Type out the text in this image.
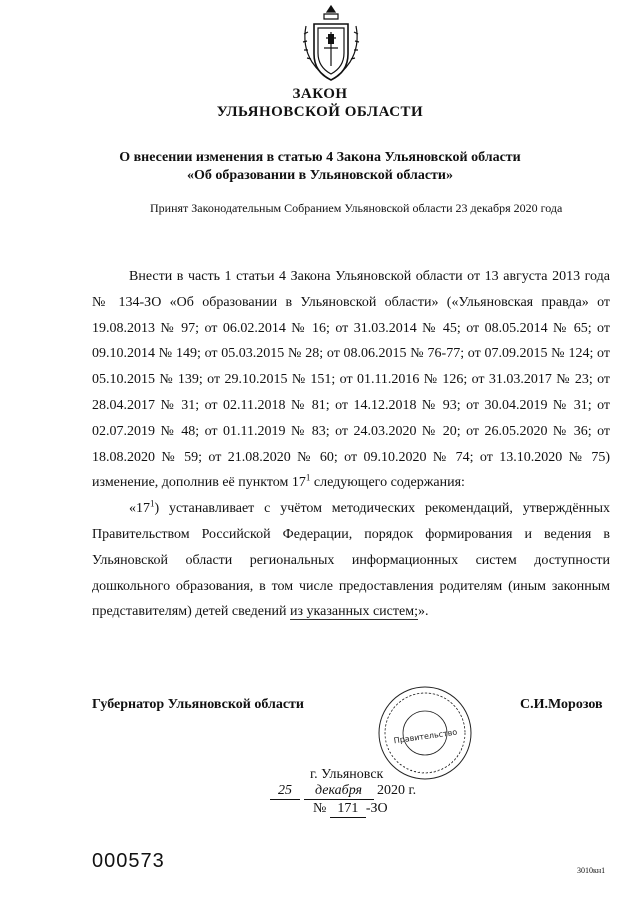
ЗАКОН
УЛЬЯНОВСКОЙ ОБЛАСТИ
О внесении изменения в статью 4 Закона Ульяновской области
«Об образовании в Ульяновской области»
Принят Законодательным Собранием Ульяновской области 23 декабря 2020 года

Внести в часть 1 статьи 4 Закона Ульяновской области от 13 августа 2013 года № 134-ЗО «Об образовании в Ульяновской области» («Ульяновская правда» от 19.08.2013 № 97; от 06.02.2014 № 16; от 31.03.2014 № 45; от 08.05.2014 № 65; от 09.10.2014 № 149; от 05.03.2015 № 28; от 08.06.2015 № 76-77; от 07.09.2015 № 124; от 05.10.2015 № 139; от 29.10.2015 № 151; от 01.11.2016 № 126; от 31.03.2017 № 23; от 28.04.2017 № 31; от 02.11.2018 № 81; от 14.12.2018 № 93; от 30.04.2019 № 31; от 02.07.2019 № 48; от 01.11.2019 № 83; от 24.03.2020 № 20; от 26.05.2020 № 36; от 18.08.2020 № 59; от 21.08.2020 № 60; от 09.10.2020 № 74; от 13.10.2020 № 75) изменение, дополнив её пунктом $17^1$ следующего содержания:

«$17^1$) устанавливает с учётом методических рекомендаций, утверждённых Правительством Российской Федерации, порядок формирования и ведения в Ульяновской области региональных информационных систем доступности дошкольного образования, в том числе предоставления родителям (иным законным представителям) детей сведений из указанных систем;».

Губернатор Ульяновской области	С.И.Морозов
Правительство
г. Ульяновск
25 декабря 2020 г.
№ 171 -ЗО
000573	3010кн1
